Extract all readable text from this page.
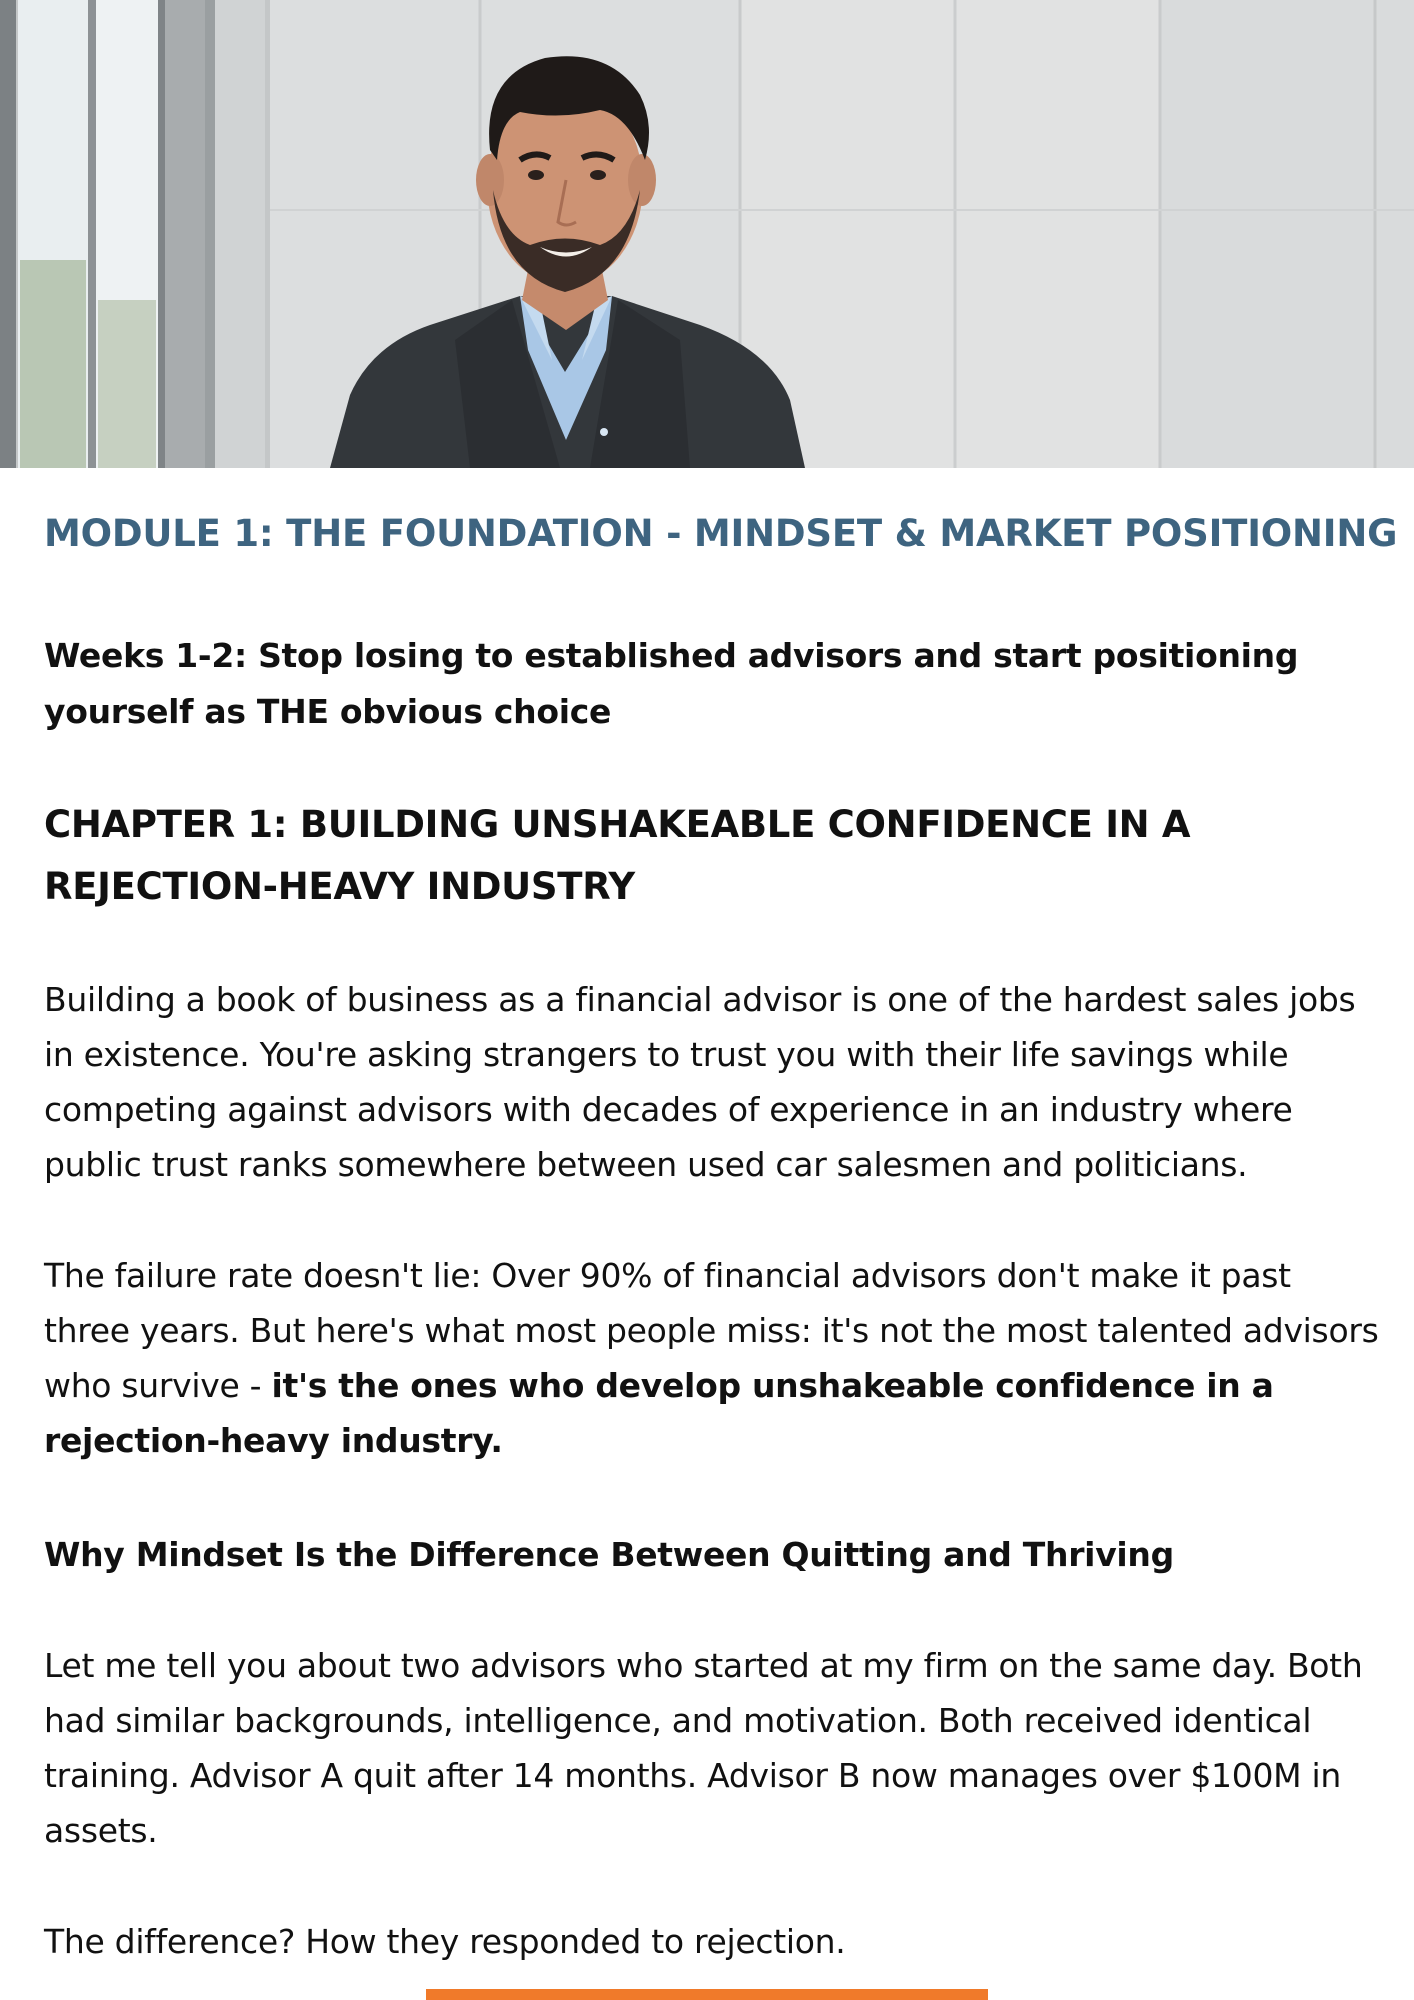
MODULE 1: THE FOUNDATION - MINDSET & MARKET POSITIONING

Weeks 1-2: Stop losing to established advisors and start positioning yourself as THE obvious choice

CHAPTER 1: BUILDING UNSHAKEABLE CONFIDENCE IN A REJECTION-HEAVY INDUSTRY

Building a book of business as a financial advisor is one of the hardest sales jobs in existence. You're asking strangers to trust you with their life savings while competing against advisors with decades of experience in an industry where public trust ranks somewhere between used car salesmen and politicians.

The failure rate doesn't lie: Over 90% of financial advisors don't make it past three years. But here's what most people miss: it's not the most talented advisors who survive - it's the ones who develop unshakeable confidence in a rejection-heavy industry.

Why Mindset Is the Difference Between Quitting and Thriving

Let me tell you about two advisors who started at my firm on the same day. Both had similar backgrounds, intelligence, and motivation. Both received identical training. Advisor A quit after 14 months. Advisor B now manages over $100M in assets.

The difference? How they responded to rejection.
